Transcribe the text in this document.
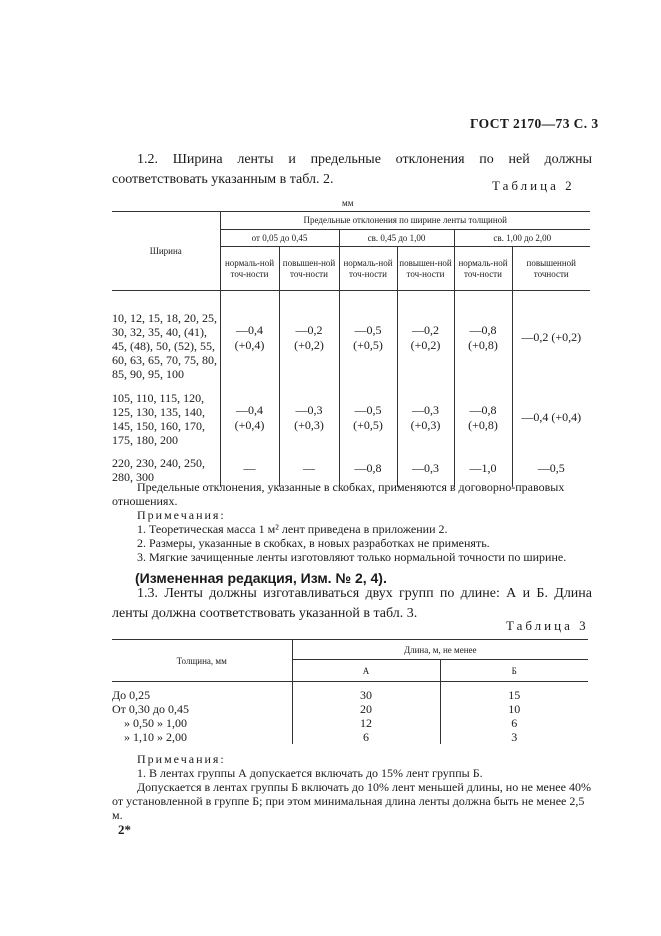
ГОСТ 2170—73 С. 3
1.2. Ширина ленты и предельные отклонения по ней должны соответствовать указанным в табл. 2.	Таблица 2
мм
Ширина	Предельные отклонения по ширине ленты толщиной					
	от 0,05 до 0,45		св. 0,45 до 1,00		св. 1,00 до 2,00	
	нормаль-ной точ-ности	повышен-ной точ-ности	нормаль-ной точ-ности	повышен-ной точ-ности	нормаль-ной точ-ности	повышенной точности
10, 12, 15, 18, 20, 25, 30, 32, 35, 40, (41), 45, (48), 50, (52), 55, 60, 63, 65, 70, 75, 80, 85, 90, 95, 100	—0,4 (+0,4)	—0,2 (+0,2)	—0,5 (+0,5)	—0,2 (+0,2)	—0,8 (+0,8)	—0,2 (+0,2)
105, 110, 115, 120, 125, 130, 135, 140, 145, 150, 160, 170, 175, 180, 200	—0,4 (+0,4)	—0,3 (+0,3)	—0,5 (+0,5)	—0,3 (+0,3)	—0,8 (+0,8)	—0,4 (+0,4)
220, 230, 240, 250, 280, 300	—	—	—0,8	—0,3	—1,0	—0,5
Предельные отклонения, указанные в скобках, применяются в договорно-правовых отношениях.
Примечания:
1. Теоретическая масса 1 м² лент приведена в приложении 2.
2. Размеры, указанные в скобках, в новых разработках не применять.
3. Мягкие зачищенные ленты изготовляют только нормальной точности по ширине.
(Измененная редакция, Изм. № 2, 4).
1.3. Ленты должны изготавливаться двух групп по длине: А и Б. Длина ленты должна соответствовать указанной в табл. 3.
Таблица 3
Толщина, мм	Длина, м, не менее	
	А	Б
До 0,25	30	15
От 0,30 до 0,45	20	10
» 0,50 » 1,00	12	6
» 1,10 » 2,00	6	3
Примечания:
1. В лентах группы А допускается включать до 15% лент группы Б.
Допускается в лентах группы Б включать до 10% лент меньшей длины, но не менее 40% от установленной в группе Б; при этом минимальная длина ленты должна быть не менее 2,5 м.
2*
